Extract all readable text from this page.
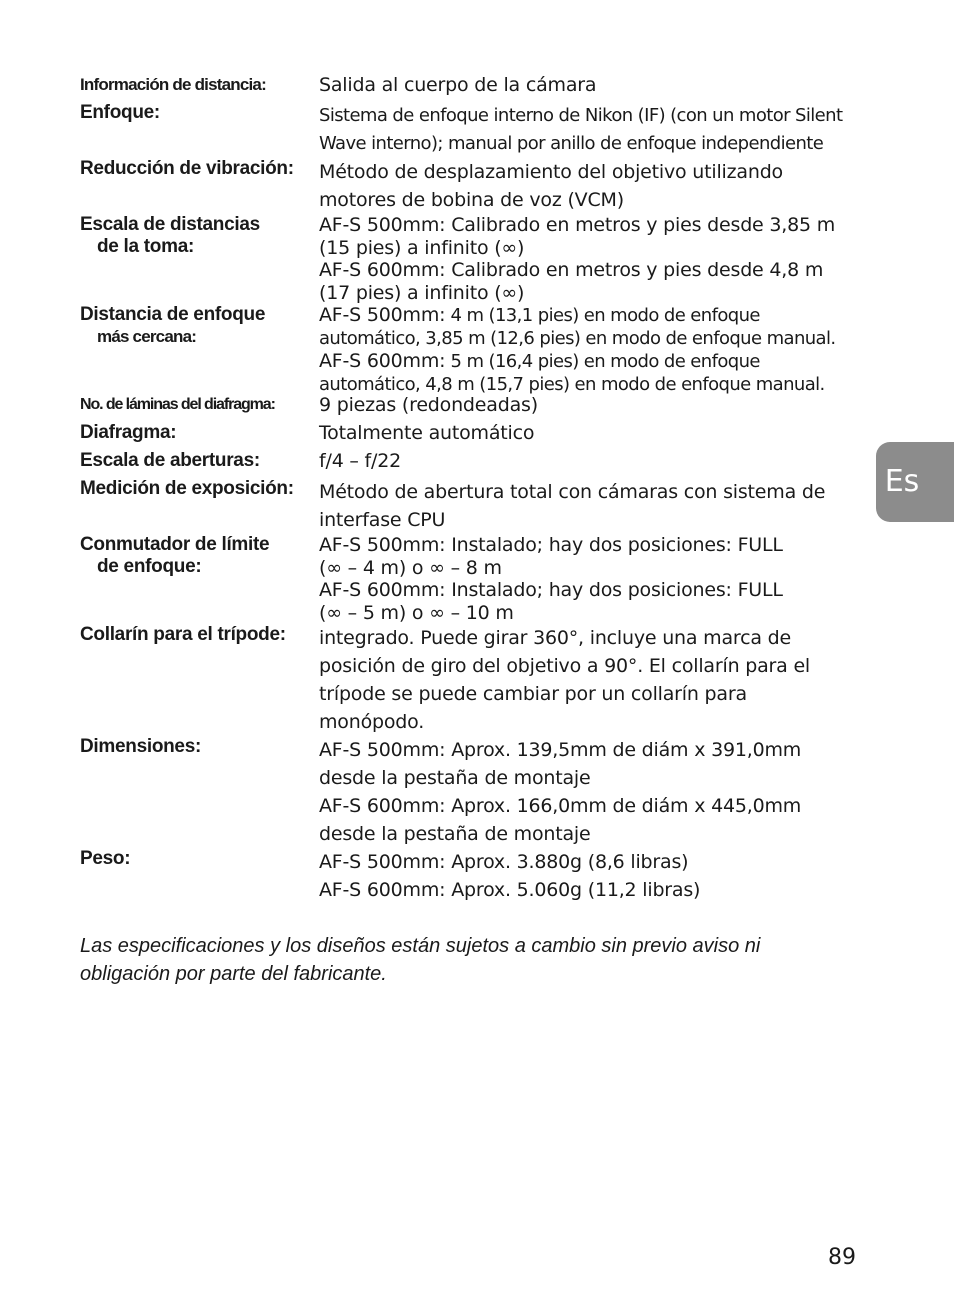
Información de distancia:	Salida al cuerpo de la cámara
Enfoque:	Sistema de enfoque interno de Nikon (IF) (con un motor Silent
Wave interno); manual por anillo de enfoque independiente
Reducción de vibración: Método de desplazamiento del objetivo utilizando
motores de bobina de voz (VCM)
Escala de distancias
de la toma:
AF-S 500mm: Calibrado en metros y pies desde 3,85 m
(15 pies) a infinito (∞)
AF-S 600mm: Calibrado en metros y pies desde 4,8 m
(17 pies) a infinito (∞)
Distancia de enfoque
más cercana:
AF-S 500mm: 4 m (13,1 pies) en modo de enfoque
automático, 3,85 m (12,6 pies) en modo de enfoque manual.
AF-S 600mm: 5 m (16,4 pies) en modo de enfoque
automático, 4,8 m (15,7 pies) en modo de enfoque manual.
No. de láminas del diafragma: 9 piezas (redondeadas)
Diafragma:	Totalmente automático
Escala de aberturas:	f/4 – f/22
Medición de exposición: Método de abertura total con cámaras con sistema de
interfase CPU
Conmutador de límite
de enfoque:
AF-S 500mm: Instalado; hay dos posiciones: FULL
(∞ – 4 m) o ∞ – 8 m
AF-S 600mm: Instalado; hay dos posiciones: FULL
(∞ – 5 m) o ∞ – 10 m
Collarín para el trípode: integrado. Puede girar 360°, incluye una marca de
posición de giro del objetivo a 90°. El collarín para el
trípode se puede cambiar por un collarín para
monópodo.
Dimensiones:	AF-S 500mm: Aprox. 139,5mm de diám x 391,0mm
desde la pestaña de montaje
AF-S 600mm: Aprox. 166,0mm de diám x 445,0mm
desde la pestaña de montaje
Peso:	AF-S 500mm: Aprox. 3.880g (8,6 libras)
AF-S 600mm: Aprox. 5.060g (11,2 libras)
Las especificaciones y los diseños están sujetos a cambio sin previo aviso ni
obligación por parte del fabricante.
Es
89
